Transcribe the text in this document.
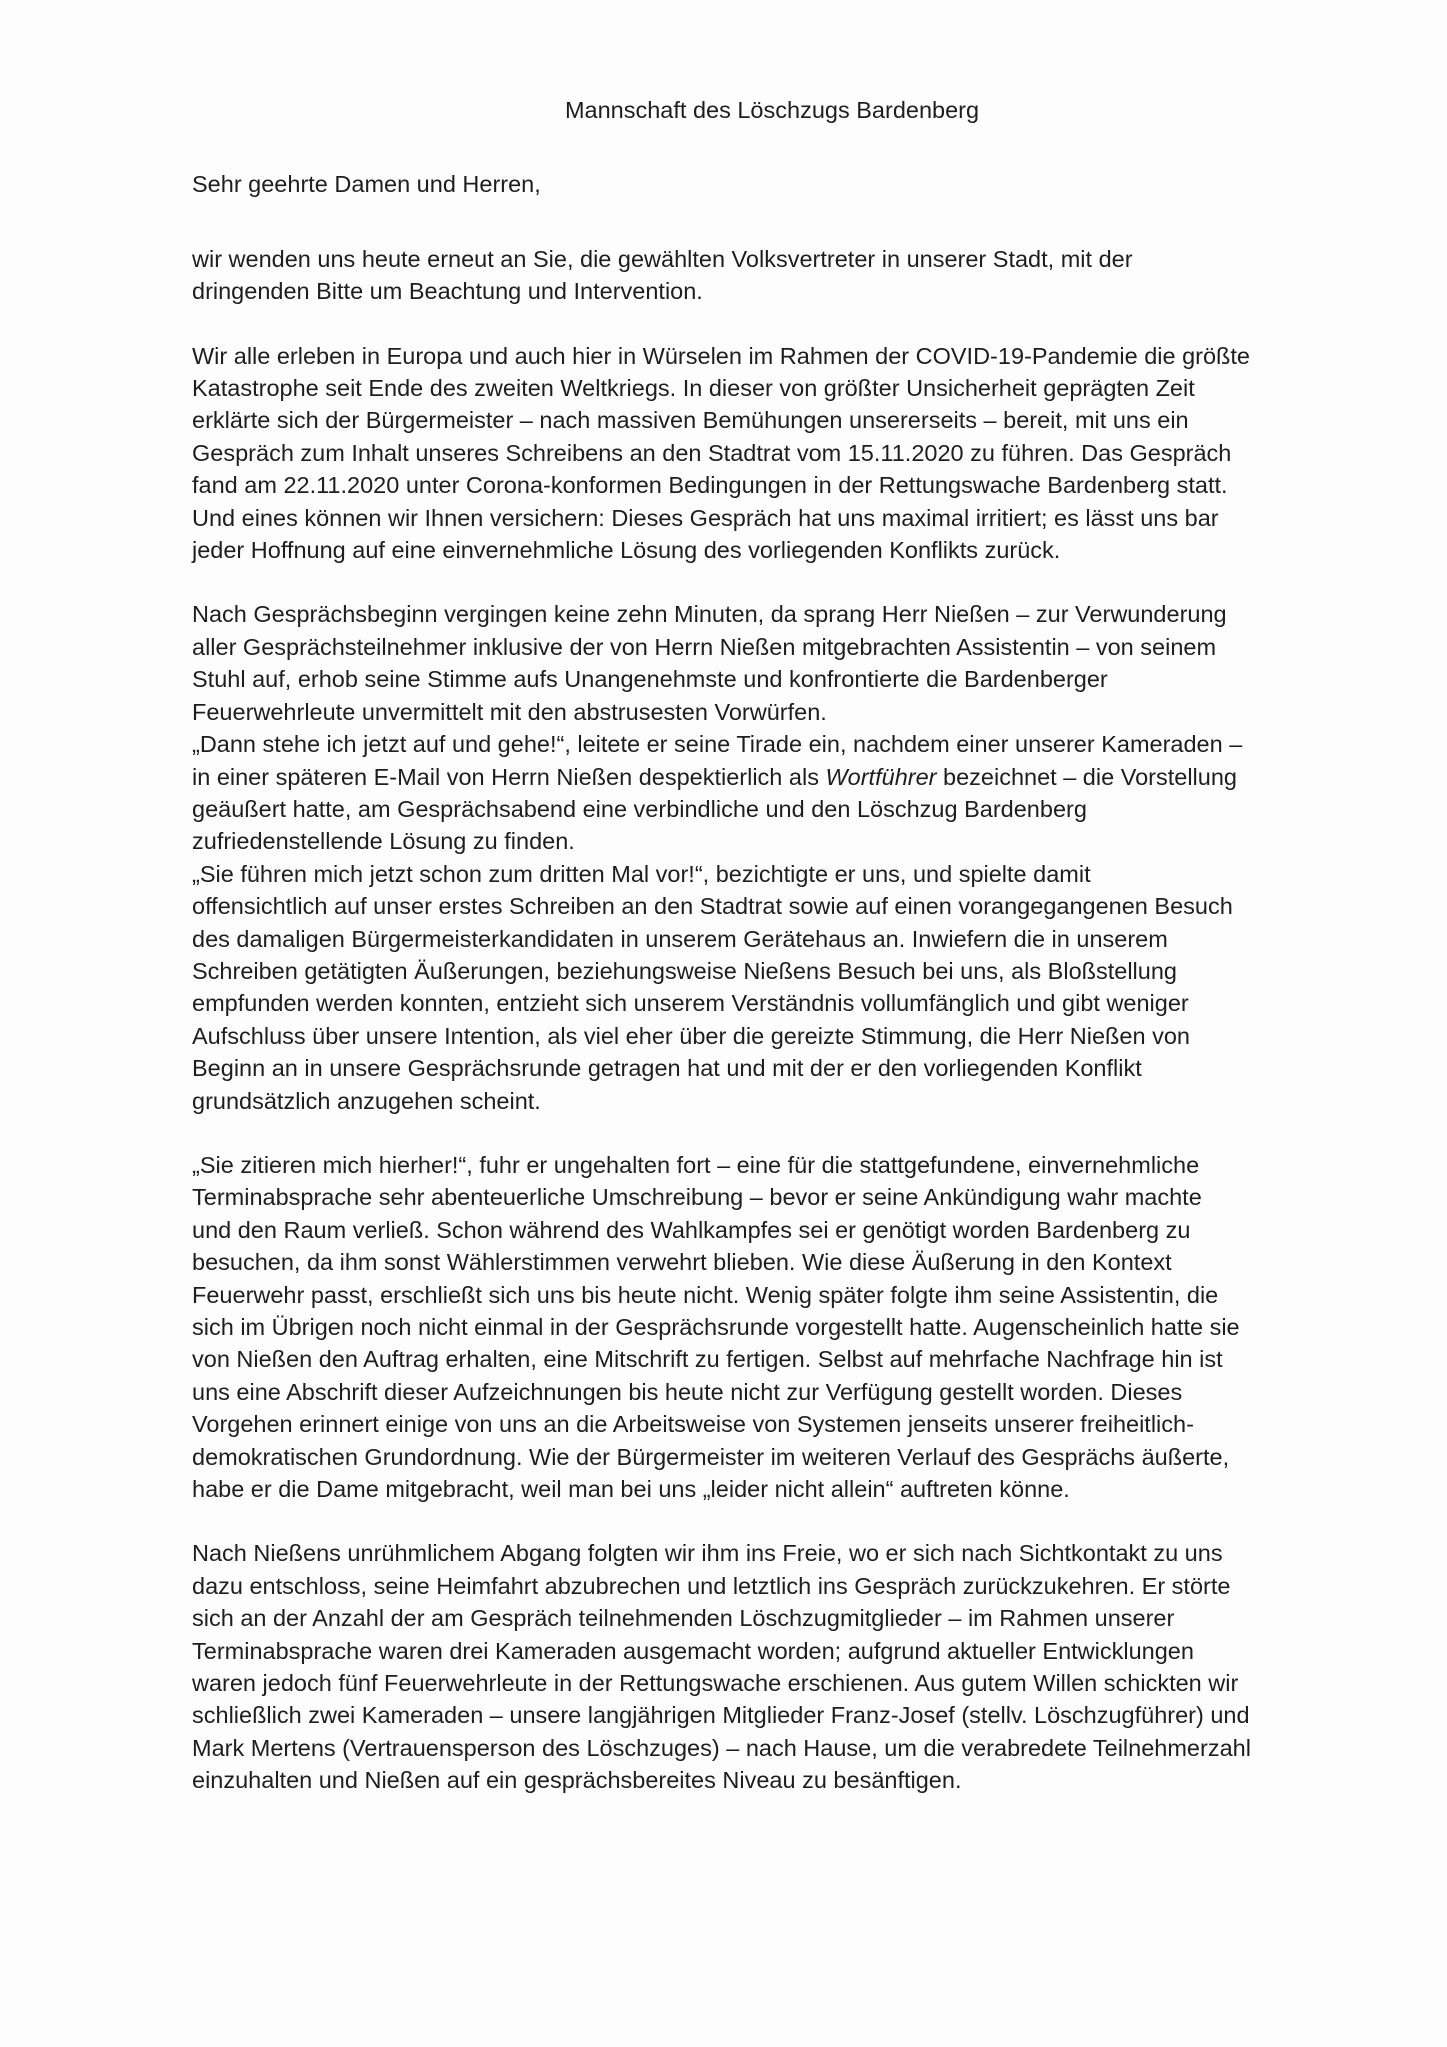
Mannschaft des Löschzugs Bardenberg
Sehr geehrte Damen und Herren,
wir wenden uns heute erneut an Sie, die gewählten Volksvertreter in unserer Stadt, mit der
dringenden Bitte um Beachtung und Intervention.
Wir alle erleben in Europa und auch hier in Würselen im Rahmen der COVID-19-Pandemie die größte
Katastrophe seit Ende des zweiten Weltkriegs. In dieser von größter Unsicherheit geprägten Zeit
erklärte sich der Bürgermeister – nach massiven Bemühungen unsererseits – bereit, mit uns ein
Gespräch zum Inhalt unseres Schreibens an den Stadtrat vom 15.11.2020 zu führen. Das Gespräch
fand am 22.11.2020 unter Corona-konformen Bedingungen in der Rettungswache Bardenberg statt.
Und eines können wir Ihnen versichern: Dieses Gespräch hat uns maximal irritiert; es lässt uns bar
jeder Hoffnung auf eine einvernehmliche Lösung des vorliegenden Konflikts zurück.
Nach Gesprächsbeginn vergingen keine zehn Minuten, da sprang Herr Nießen – zur Verwunderung
aller Gesprächsteilnehmer inklusive der von Herrn Nießen mitgebrachten Assistentin – von seinem
Stuhl auf, erhob seine Stimme aufs Unangenehmste und konfrontierte die Bardenberger
Feuerwehrleute unvermittelt mit den abstrusesten Vorwürfen.
„Dann stehe ich jetzt auf und gehe!“, leitete er seine Tirade ein, nachdem einer unserer Kameraden –
in einer späteren E-Mail von Herrn Nießen despektierlich als Wortführer bezeichnet – die Vorstellung
geäußert hatte, am Gesprächsabend eine verbindliche und den Löschzug Bardenberg
zufriedenstellende Lösung zu finden.
„Sie führen mich jetzt schon zum dritten Mal vor!“, bezichtigte er uns, und spielte damit
offensichtlich auf unser erstes Schreiben an den Stadtrat sowie auf einen vorangegangenen Besuch
des damaligen Bürgermeisterkandidaten in unserem Gerätehaus an. Inwiefern die in unserem
Schreiben getätigten Äußerungen, beziehungsweise Nießens Besuch bei uns, als Bloßstellung
empfunden werden konnten, entzieht sich unserem Verständnis vollumfänglich und gibt weniger
Aufschluss über unsere Intention, als viel eher über die gereizte Stimmung, die Herr Nießen von
Beginn an in unsere Gesprächsrunde getragen hat und mit der er den vorliegenden Konflikt
grundsätzlich anzugehen scheint.
„Sie zitieren mich hierher!“, fuhr er ungehalten fort – eine für die stattgefundene, einvernehmliche
Terminabsprache sehr abenteuerliche Umschreibung – bevor er seine Ankündigung wahr machte
und den Raum verließ. Schon während des Wahlkampfes sei er genötigt worden Bardenberg zu
besuchen, da ihm sonst Wählerstimmen verwehrt blieben. Wie diese Äußerung in den Kontext
Feuerwehr passt, erschließt sich uns bis heute nicht. Wenig später folgte ihm seine Assistentin, die
sich im Übrigen noch nicht einmal in der Gesprächsrunde vorgestellt hatte. Augenscheinlich hatte sie
von Nießen den Auftrag erhalten, eine Mitschrift zu fertigen. Selbst auf mehrfache Nachfrage hin ist
uns eine Abschrift dieser Aufzeichnungen bis heute nicht zur Verfügung gestellt worden. Dieses
Vorgehen erinnert einige von uns an die Arbeitsweise von Systemen jenseits unserer freiheitlich-
demokratischen Grundordnung. Wie der Bürgermeister im weiteren Verlauf des Gesprächs äußerte,
habe er die Dame mitgebracht, weil man bei uns „leider nicht allein“ auftreten könne.
Nach Nießens unrühmlichem Abgang folgten wir ihm ins Freie, wo er sich nach Sichtkontakt zu uns
dazu entschloss, seine Heimfahrt abzubrechen und letztlich ins Gespräch zurückzukehren. Er störte
sich an der Anzahl der am Gespräch teilnehmenden Löschzugmitglieder – im Rahmen unserer
Terminabsprache waren drei Kameraden ausgemacht worden; aufgrund aktueller Entwicklungen
waren jedoch fünf Feuerwehrleute in der Rettungswache erschienen. Aus gutem Willen schickten wir
schließlich zwei Kameraden – unsere langjährigen Mitglieder Franz-Josef (stellv. Löschzugführer) und
Mark Mertens (Vertrauensperson des Löschzuges) – nach Hause, um die verabredete Teilnehmerzahl
einzuhalten und Nießen auf ein gesprächsbereites Niveau zu besänftigen.
